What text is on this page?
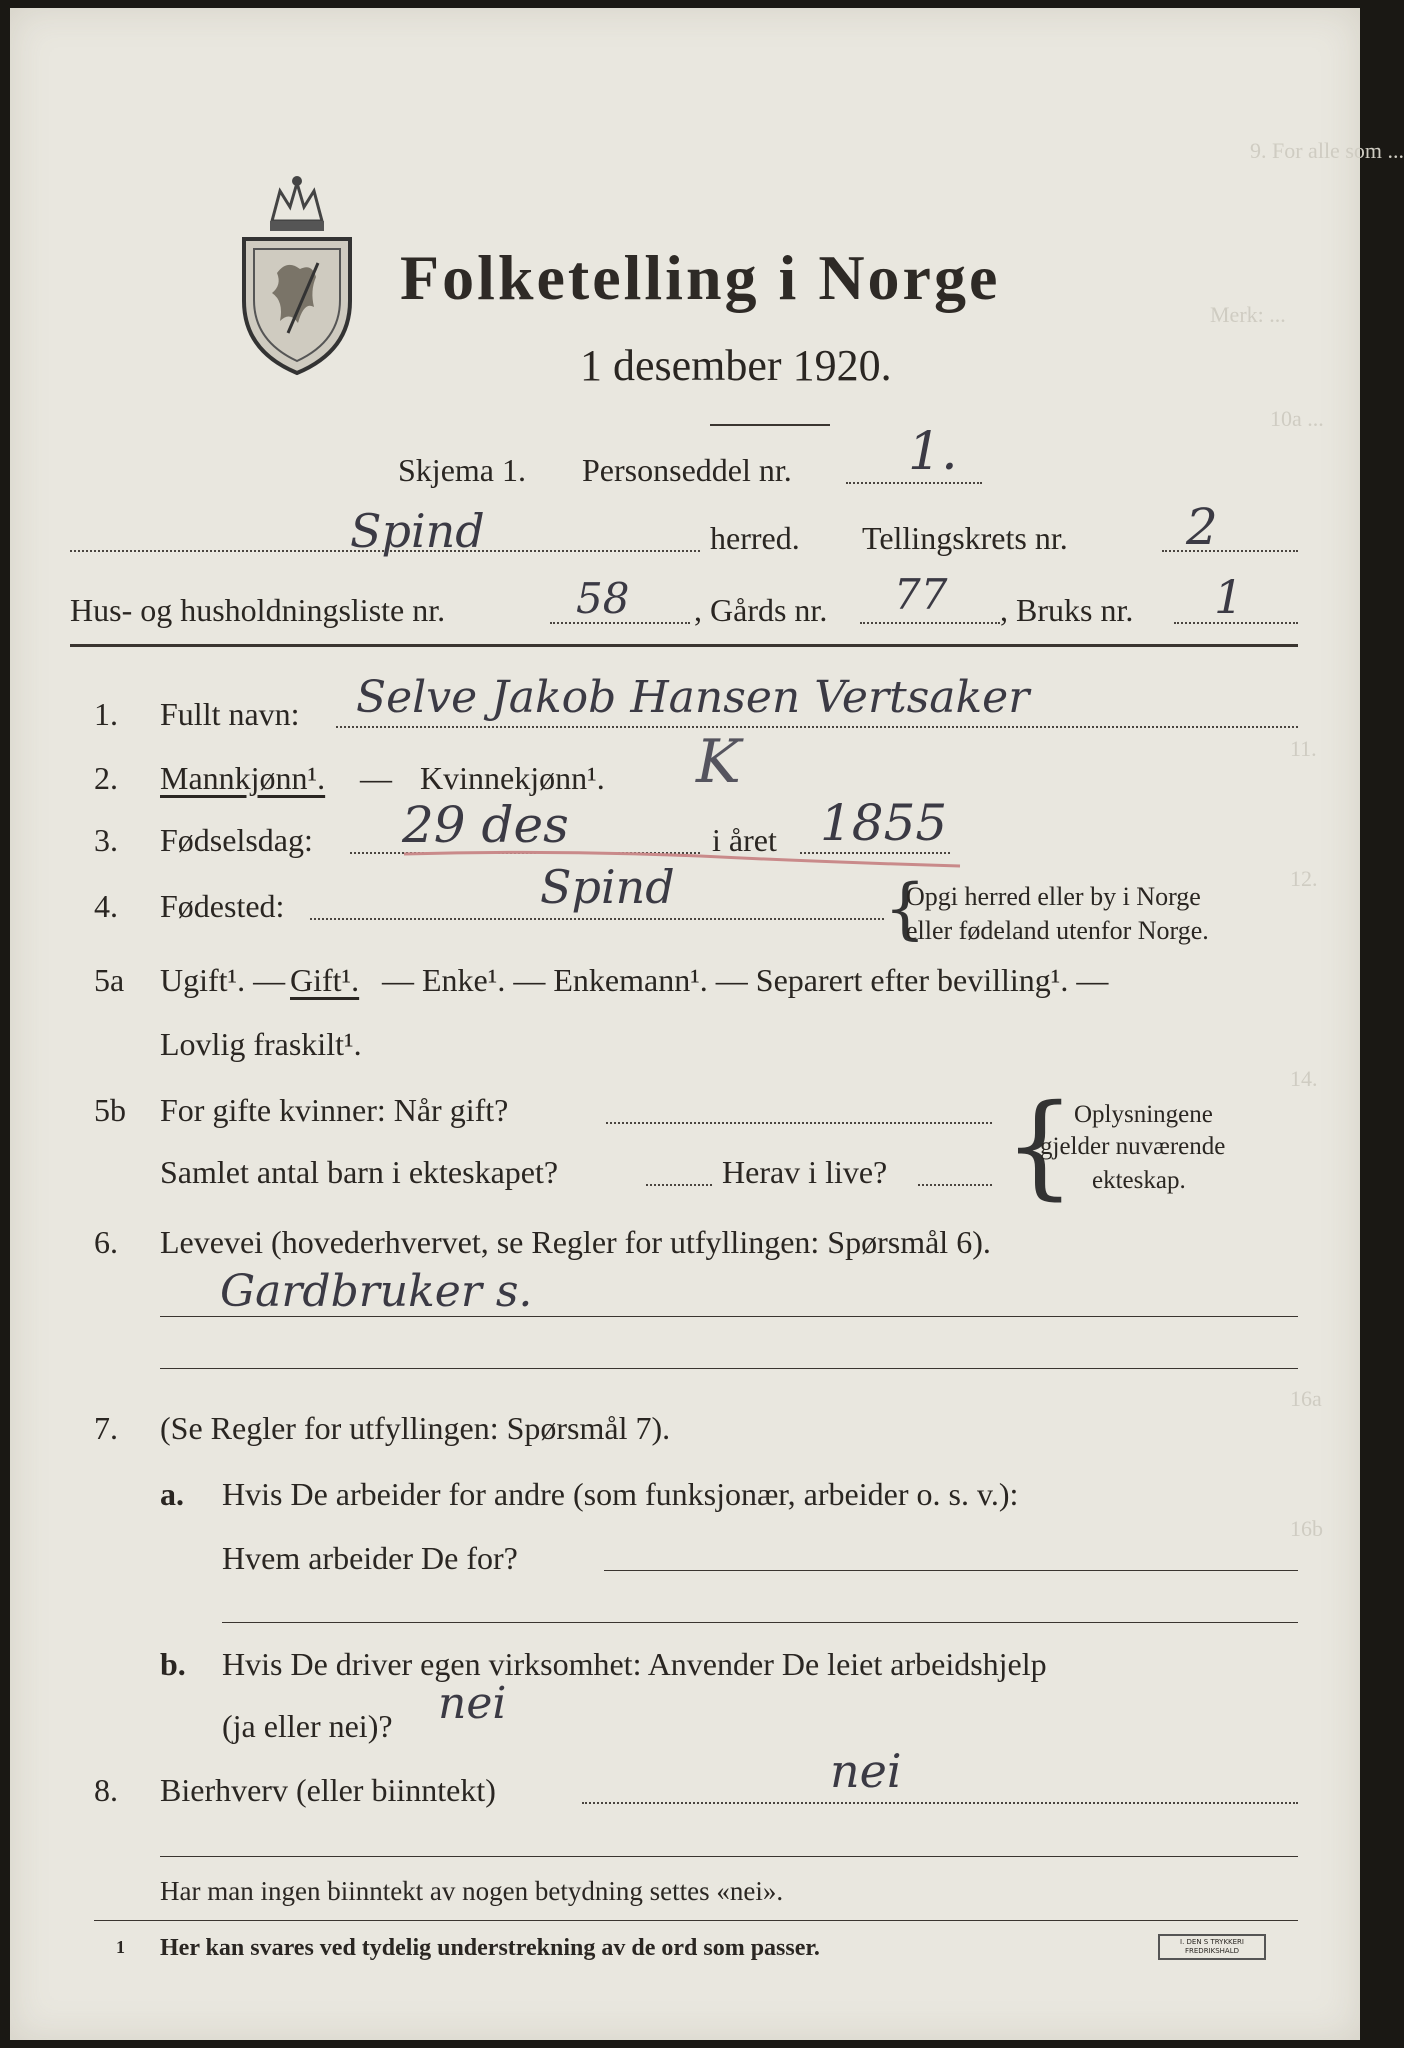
9. For alle som ...
Merk: ...
10a ...
11.
12.
14.
16a
16b
Folketelling i Norge
1 desember 1920.
Skjema 1. Personseddel nr. 1.
Spind	herred. Tellingskrets nr. 2
Hus- og husholdningsliste nr.	58 , Gårds nr. 77 , Bruks nr. 1
1. Fullt navn: Selve Jakob Hansen Vertsaker
2. Mannkjønn¹. — Kvinnekjønn¹. K
3. Fødselsdag: 29 des	i året 1855
4. Fødested:	Spind	{
Opgi herred eller by i Norge
eller fødeland utenfor Norge.
5a Ugift¹. — Gift¹. — Enke¹. — Enkemann¹. — Separert efter bevilling¹. —
Lovlig fraskilt¹.
5b For gifte kvinner: Når gift?
Samlet antal barn i ekteskapet?	Herav i live? {
Oplysningene
gjelder nuværende
ekteskap.
6. Levevei (hovederhvervet, se Regler for utfyllingen: Spørsmål 6).
Gardbruker s.
7. (Se Regler for utfyllingen: Spørsmål 7).
a. Hvis De arbeider for andre (som funksjonær, arbeider o. s. v.):
Hvem arbeider De for?
b. Hvis De driver egen virksomhet: Anvender De leiet arbeidshjelp
(ja eller nei)? nei
8. Bierhverv (eller biinntekt)	nei
Har man ingen biinntekt av nogen betydning settes «nei».
1 Her kan svares ved tydelig understrekning av de ord som passer.	I. DEN S TRYKKERI FREDRIKSHALD
